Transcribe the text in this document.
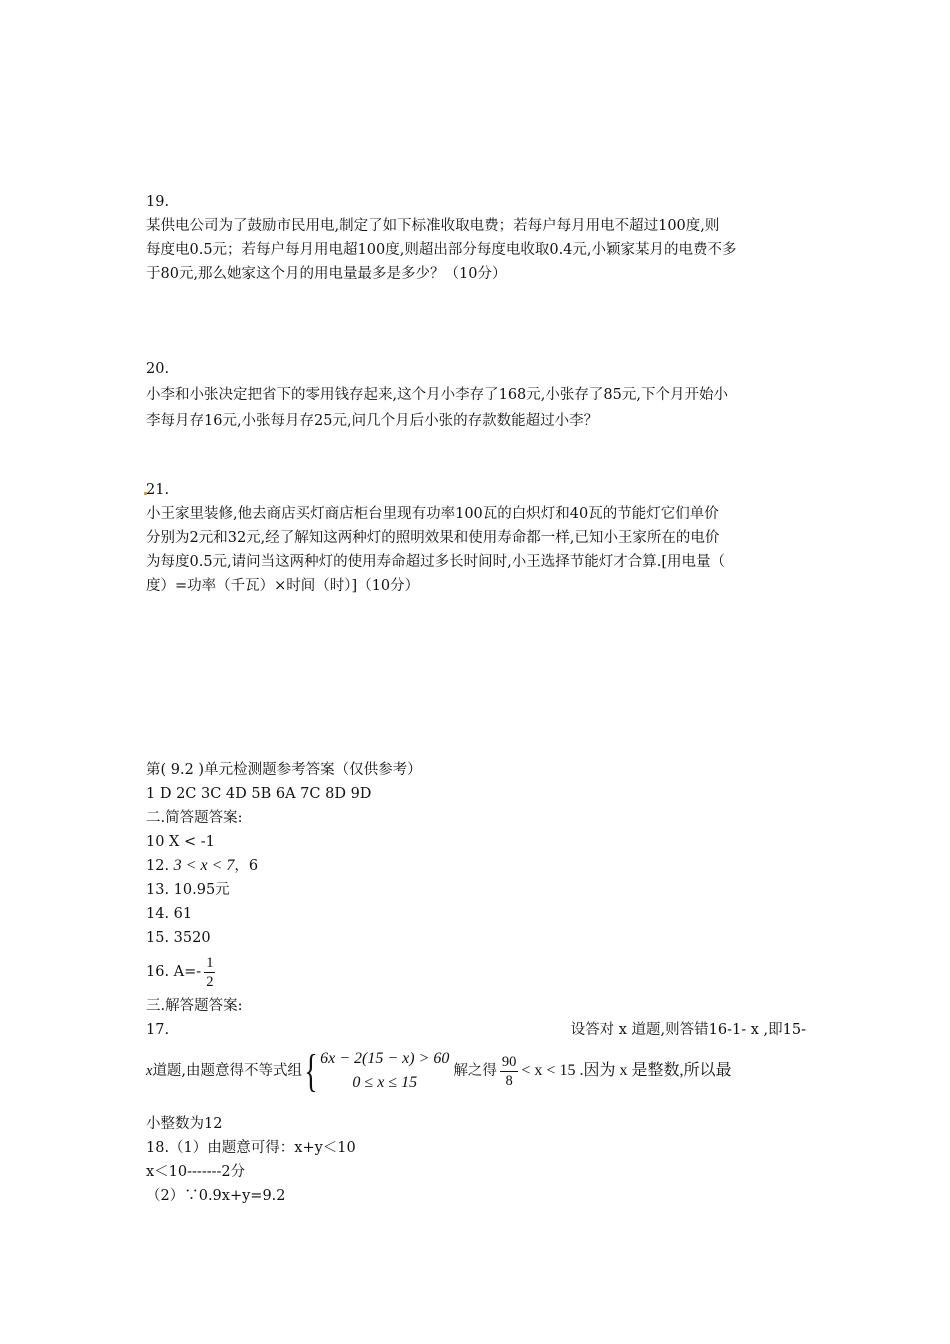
19.
某供电公司为了鼓励市民用电,制定了如下标准收取电费；若每户每月用电不超过100度,则
每度电0.5元；若每户每月用电超100度,则超出部分每度电收取0.4元,小颖家某月的电费不多
于80元,那么她家这个月的用电量最多是多少？（10分）
20.
小李和小张决定把省下的零用钱存起来,这个月小李存了168元,小张存了85元,下个月开始小
李每月存16元,小张每月存25元,问几个月后小张的存款数能超过小李？
21.
小王家里装修,他去商店买灯商店柜台里现有功率100瓦的白炽灯和40瓦的节能灯它们单价
分别为2元和32元,经了解知这两种灯的照明效果和使用寿命都一样,已知小王家所在的电价
为每度0.5元,请问当这两种灯的使用寿命超过多长时间时,小王选择节能灯才合算.[用电量（
度）=功率（千瓦）×时间（时）]（10分）
第( 9.2 )单元检测题参考答案（仅供参考）
1 D 2C 3C 4D 5B 6A 7C 8D 9D
二.简答题答案:
10 X < -1
12. 3 < x < 7，6
13. 10.95元
14. 61
15. 3520
16. $A=- \frac{1}{2}$
三.解答题答案:
17.	设答对 x 道题,则答错16-1- x ,即15-
x 道题,由题意得不等式组 { 6x − 2(15 − x) > 60
0 ≤ x ≤ 15
解之得 $\frac{90}{8} < x < 15$ .因为 x 是整数,所以最
小整数为12
18.（1）由题意可得：x+y＜10
x＜10-------2分
（2）∵0.9x+y=9.2
